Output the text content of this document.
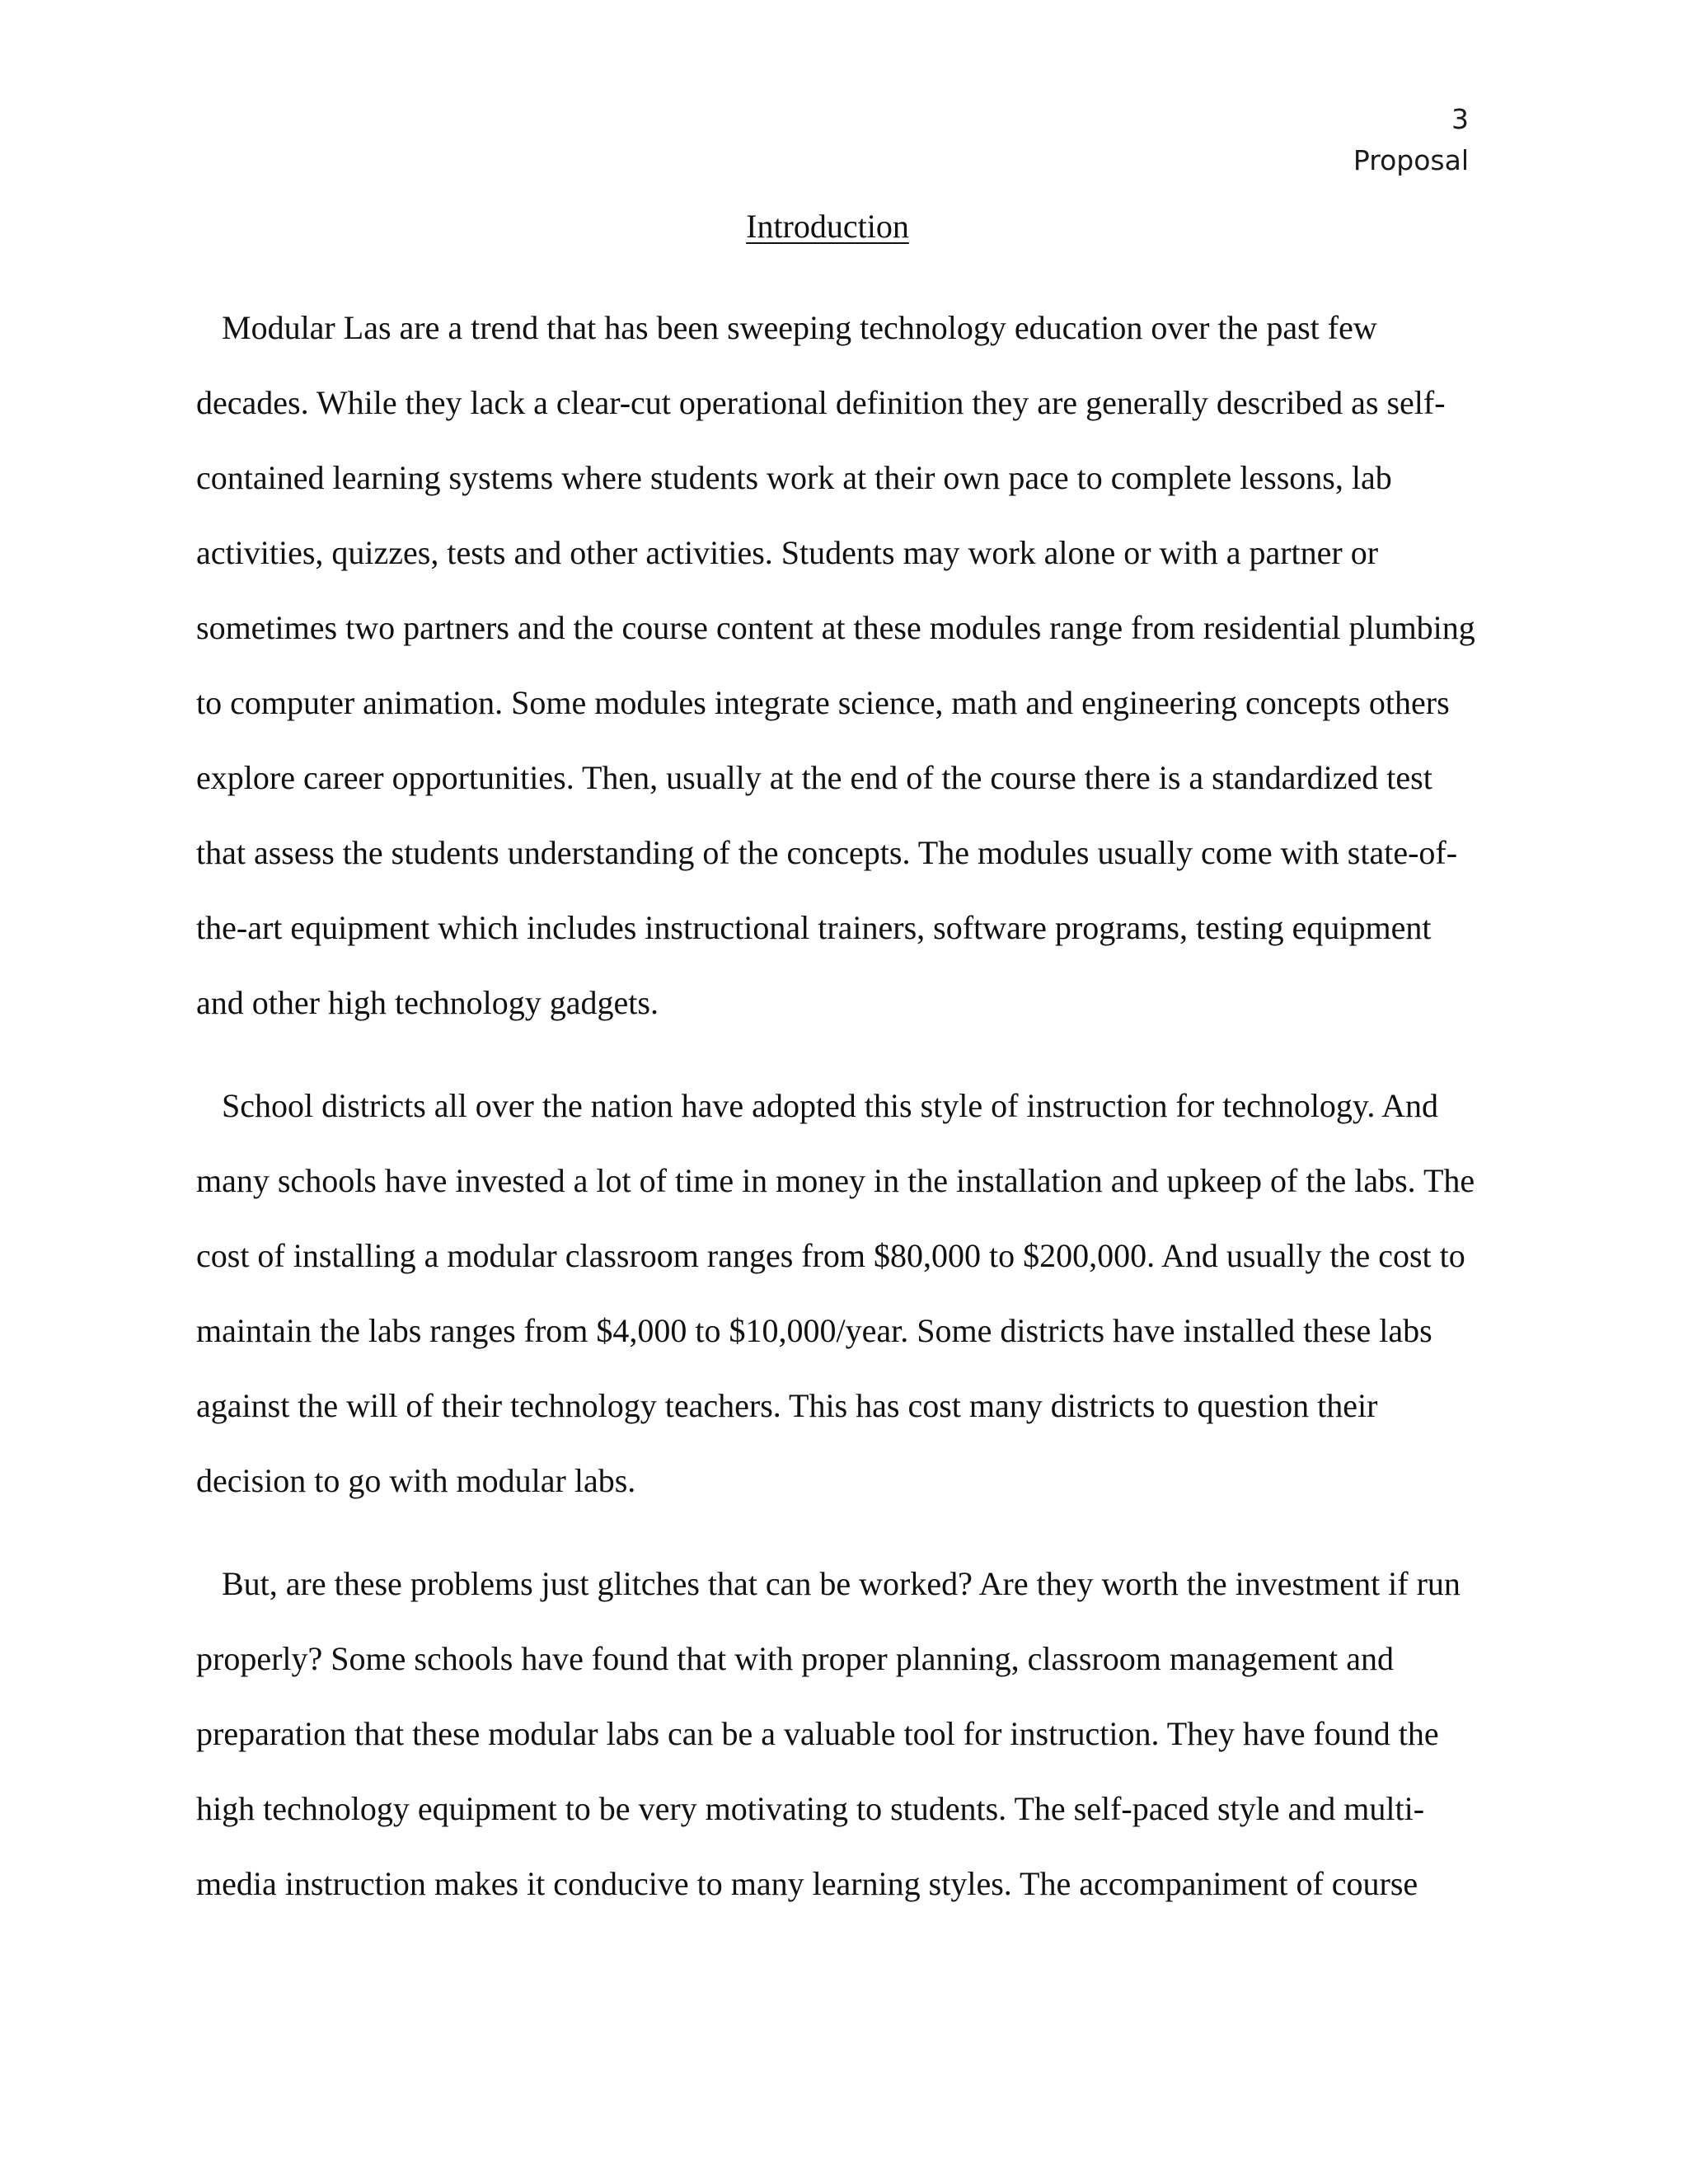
3
Proposal
Introduction
Modular Las are a trend that has been sweeping technology education over the past few
decades. While they lack a clear-cut operational definition they are generally described as self-
contained learning systems where students work at their own pace to complete lessons, lab
activities, quizzes, tests and other activities. Students may work alone or with a partner or
sometimes two partners and the course content at these modules range from residential plumbing
to computer animation. Some modules integrate science, math and engineering concepts others
explore career opportunities. Then, usually at the end of the course there is a standardized test
that assess the students understanding of the concepts. The modules usually come with state-of-
the-art equipment which includes instructional trainers, software programs, testing equipment
and other high technology gadgets.
School districts all over the nation have adopted this style of instruction for technology. And
many schools have invested a lot of time in money in the installation and upkeep of the labs. The
cost of installing a modular classroom ranges from $80,000 to $200,000. And usually the cost to
maintain the labs ranges from $4,000 to $10,000/year. Some districts have installed these labs
against the will of their technology teachers. This has cost many districts to question their
decision to go with modular labs.
But, are these problems just glitches that can be worked? Are they worth the investment if run
properly? Some schools have found that with proper planning, classroom management and
preparation that these modular labs can be a valuable tool for instruction. They have found the
high technology equipment to be very motivating to students. The self-paced style and multi-
media instruction makes it conducive to many learning styles. The accompaniment of course
